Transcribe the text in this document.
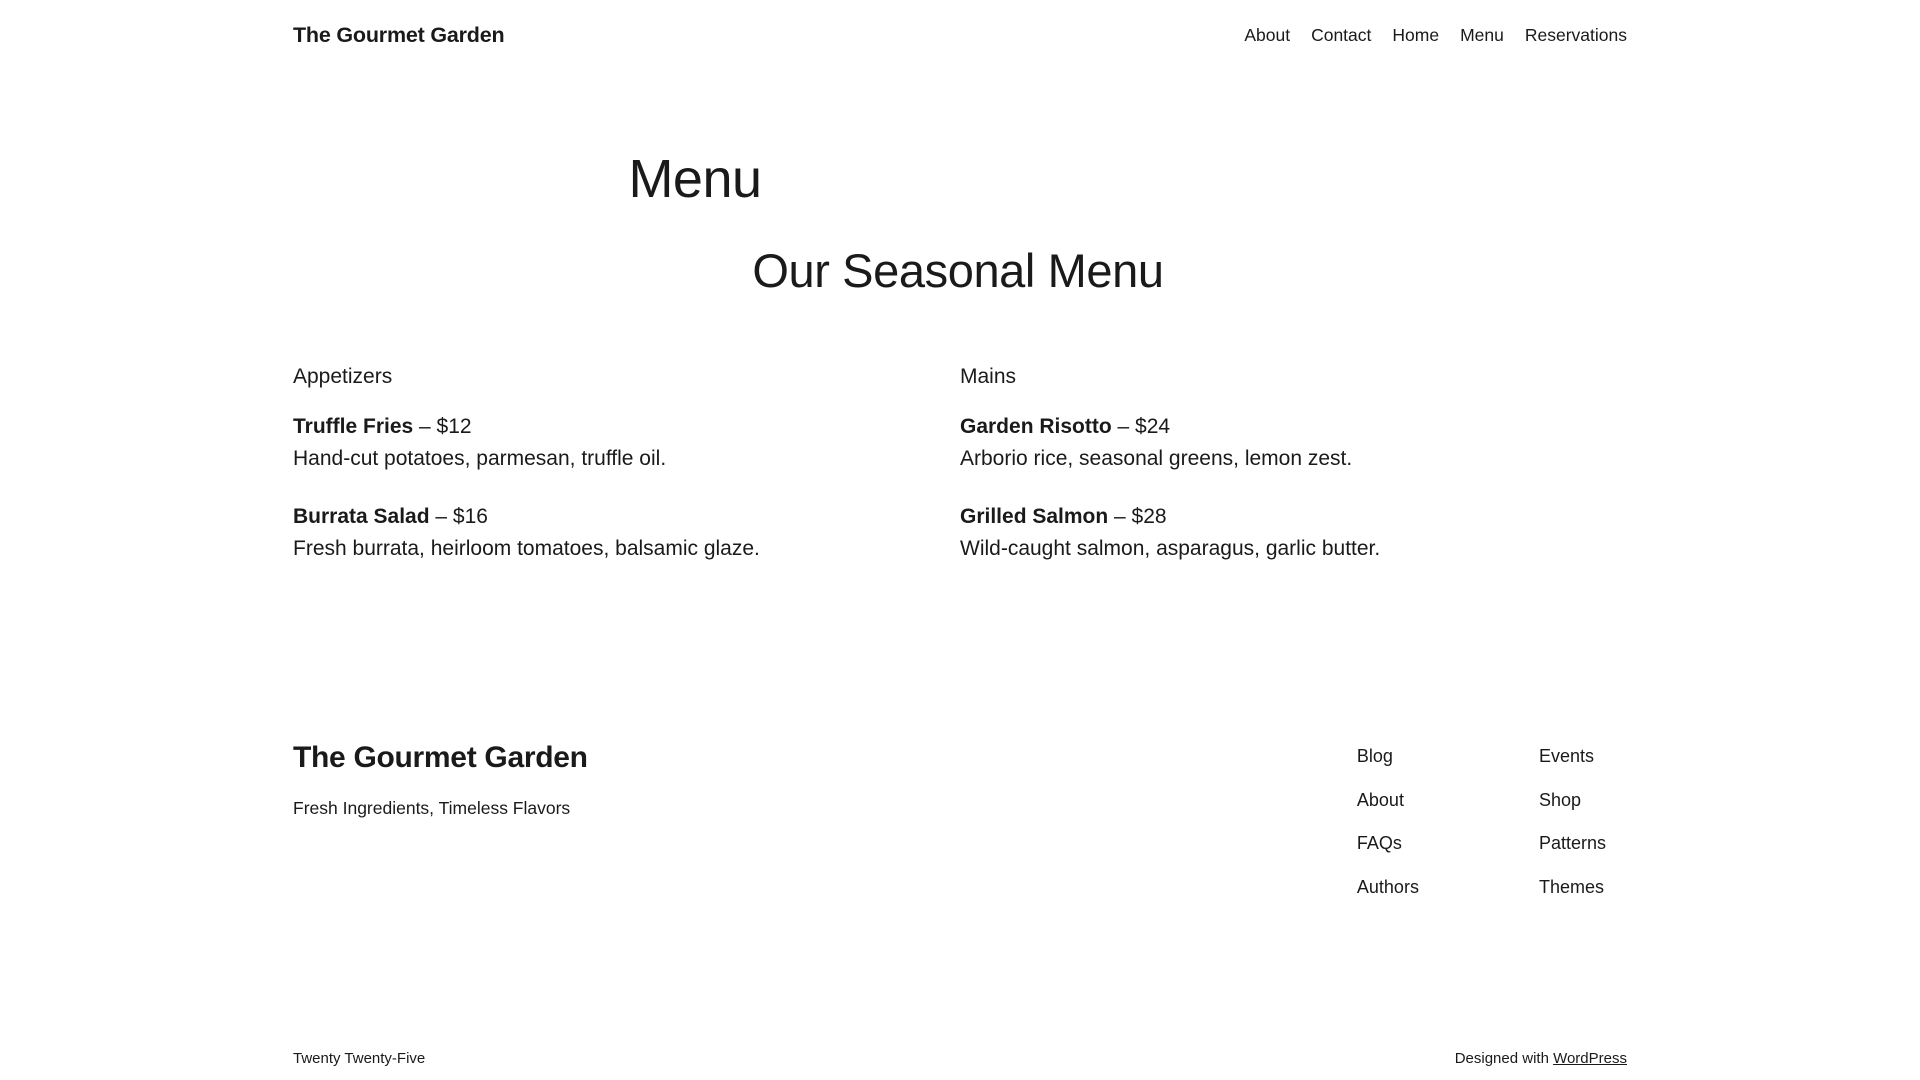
The Gourmet Garden	About Contact Home Menu Reservations
Menu
Our Seasonal Menu
Appetizers

Truffle Fries – $12

Hand-cut potatoes, parmesan, truffle oil.

Burrata Salad – $16

Fresh burrata, heirloom tomatoes, balsamic glaze.

Mains

Garden Risotto – $24

Arborio rice, seasonal greens, lemon zest.

Grilled Salmon – $28

Wild-caught salmon, asparagus, garlic butter.

The Gourmet Garden

Fresh Ingredients, Timeless Flavors

Blog
About
FAQs
Authors
Events
Shop
Patterns
Themes
Twenty Twenty-Five	Designed with WordPress
